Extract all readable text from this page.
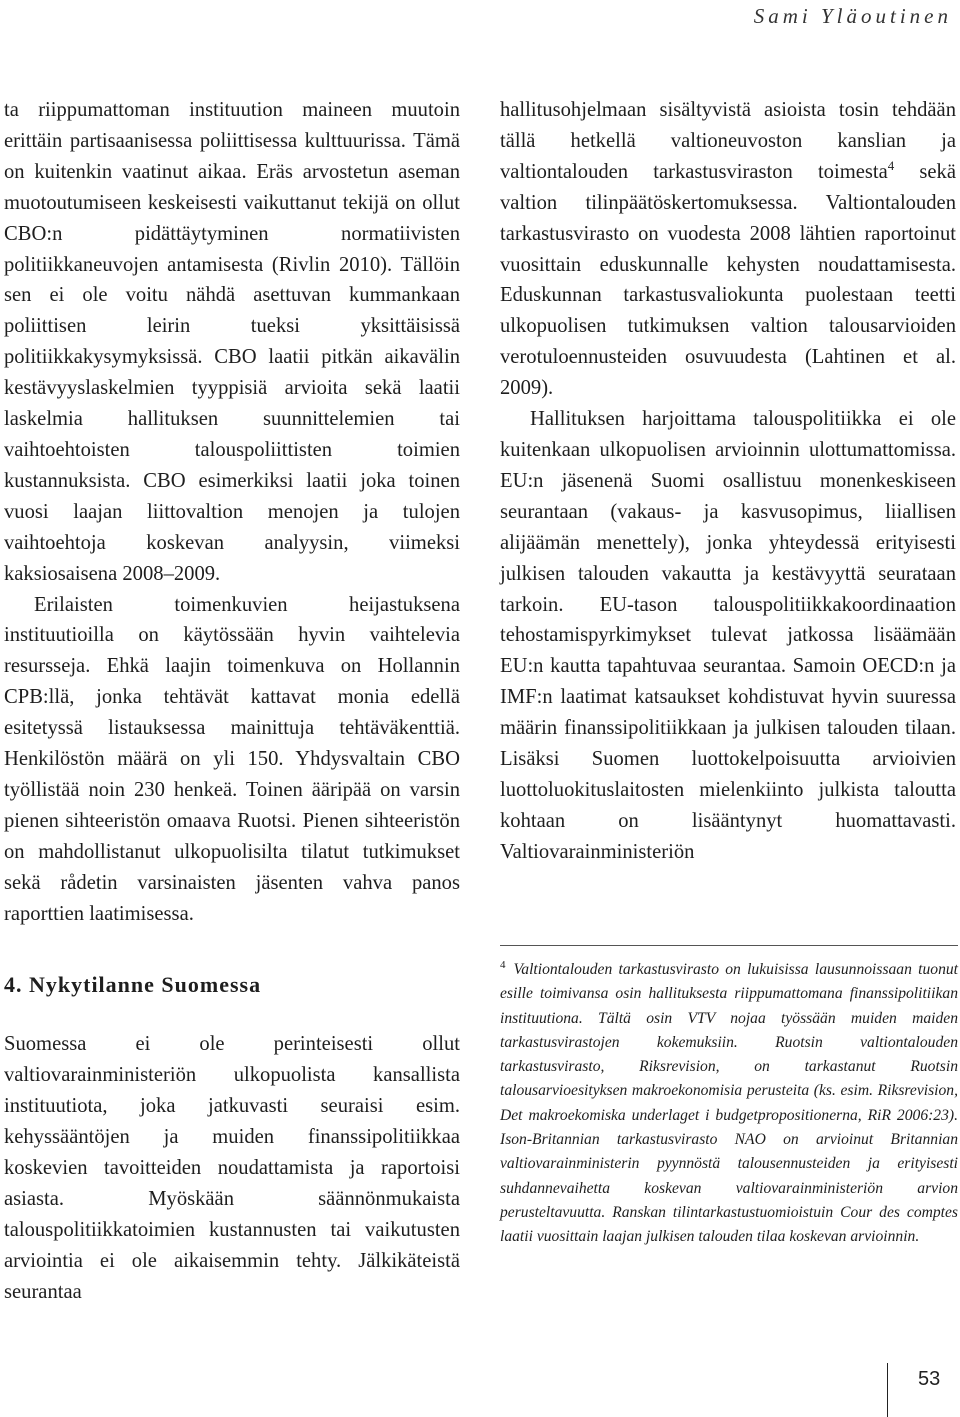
Sami Yläoutinen

ta riippumattoman instituution maineen muutoin erittäin partisaanisessa poliittisessa kulttuurissa. Tämä on kuitenkin vaatinut aikaa. Eräs arvostetun aseman muotoutumiseen keskeisesti vaikuttanut tekijä on ollut CBO:n pidättäytyminen normatiivisten politiikkaneuvojen antamisesta (Rivlin 2010). Tällöin sen ei ole voitu nähdä asettuvan kummankaan poliittisen leirin tueksi yksittäisissä politiikkakysymyksissä. CBO laatii pitkän aikavälin kestävyyslaskelmien tyyppisiä arvioita sekä laatii laskelmia hallituksen suunnittelemien tai vaihtoehtoisten talouspoliittisten toimien kustannuksista. CBO esimerkiksi laatii joka toinen vuosi laajan liittovaltion menojen ja tulojen vaihtoehtoja koskevan analyysin, viimeksi kaksiosaisena 2008–2009.

Erilaisten toimenkuvien heijastuksena instituutioilla on käytössään hyvin vaihtelevia resursseja. Ehkä laajin toimenkuva on Hollannin CPB:llä, jonka tehtävät kattavat monia edellä esitetyssä listauksessa mainittuja tehtäväkenttiä. Henkilöstön määrä on yli 150. Yhdysvaltain CBO työllistää noin 230 henkeä. Toinen ääripää on varsin pienen sihteeristön omaava Ruotsi. Pienen sihteeristön on mahdollistanut ulkopuolisilta tilatut tutkimukset sekä rådetin varsinaisten jäsenten vahva panos raporttien laatimisessa.

4. Nykytilanne Suomessa

Suomessa ei ole perinteisesti ollut valtiovarainministeriön ulkopuolista kansallista instituutiota, joka jatkuvasti seuraisi esim. kehyssääntöjen ja muiden finanssipolitiikkaa koskevien tavoitteiden noudattamista ja raportoisi asiasta. Myöskään säännönmukaista talouspolitiikkatoimien kustannusten tai vaikutusten arviointia ei ole aikaisemmin tehty. Jälkikäteistä seurantaa

hallitusohjelmaan sisältyvistä asioista tosin tehdään tällä hetkellä valtioneuvoston kanslian ja valtiontalouden tarkastusviraston toimesta$^4$ sekä valtion tilinpäätöskertomuksessa. Valtiontalouden tarkastusvirasto on vuodesta 2008 lähtien raportoinut vuosittain eduskunnalle kehysten noudattamisesta. Eduskunnan tarkastusvaliokunta puolestaan teetti ulkopuolisen tutkimuksen valtion talousarvioiden verotuloennusteiden osuvuudesta (Lahtinen et al. 2009).

Hallituksen harjoittama talouspolitiikka ei ole kuitenkaan ulkopuolisen arvioinnin ulottumattomissa. EU:n jäsenenä Suomi osallistuu monenkeskiseen seurantaan (vakaus- ja kasvusopimus, liiallisen alijäämän menettely), jonka yhteydessä erityisesti julkisen talouden vakautta ja kestävyyttä seurataan tarkoin. EU-tason talouspolitiikkakoordinaation tehostamispyrkimykset tulevat jatkossa lisäämään EU:n kautta tapahtuvaa seurantaa. Samoin OECD:n ja IMF:n laatimat katsaukset kohdistuvat hyvin suuressa määrin finanssipolitiikkaan ja julkisen talouden tilaan. Lisäksi Suomen luottokelpoisuutta arvioivien luottoluokituslaitosten mielenkiinto julkista taloutta kohtaan on lisääntynyt huomattavasti. Valtiovarainministeriön

$^4$ Valtiontalouden tarkastusvirasto on lukuisissa lausunnoissaan tuonut esille toimivansa osin hallituksesta riippumattomana finanssipolitiikan instituutiona. Tältä osin VTV nojaa työssään muiden maiden tarkastusvirastojen kokemuksiin. Ruotsin valtiontalouden tarkastusvirasto, Riksrevision, on tarkastanut Ruotsin talousarvioesityksen makroekonomisia perusteita (ks. esim. Riksrevision, Det makroekomiska underlaget i budgetpropositionerna, RiR 2006:23). Ison-Britannian tarkastusvirasto NAO on arvioinut Britannian valtiovarainministerin pyynnöstä talousennusteiden ja erityisesti suhdannevaihetta koskevan valtiovarainministeriön arvion perusteltavuutta. Ranskan tilintarkastustuomioistuin Cour des comptes laatii vuosittain laajan julkisen talouden tilaa koskevan arvioinnin.

53
